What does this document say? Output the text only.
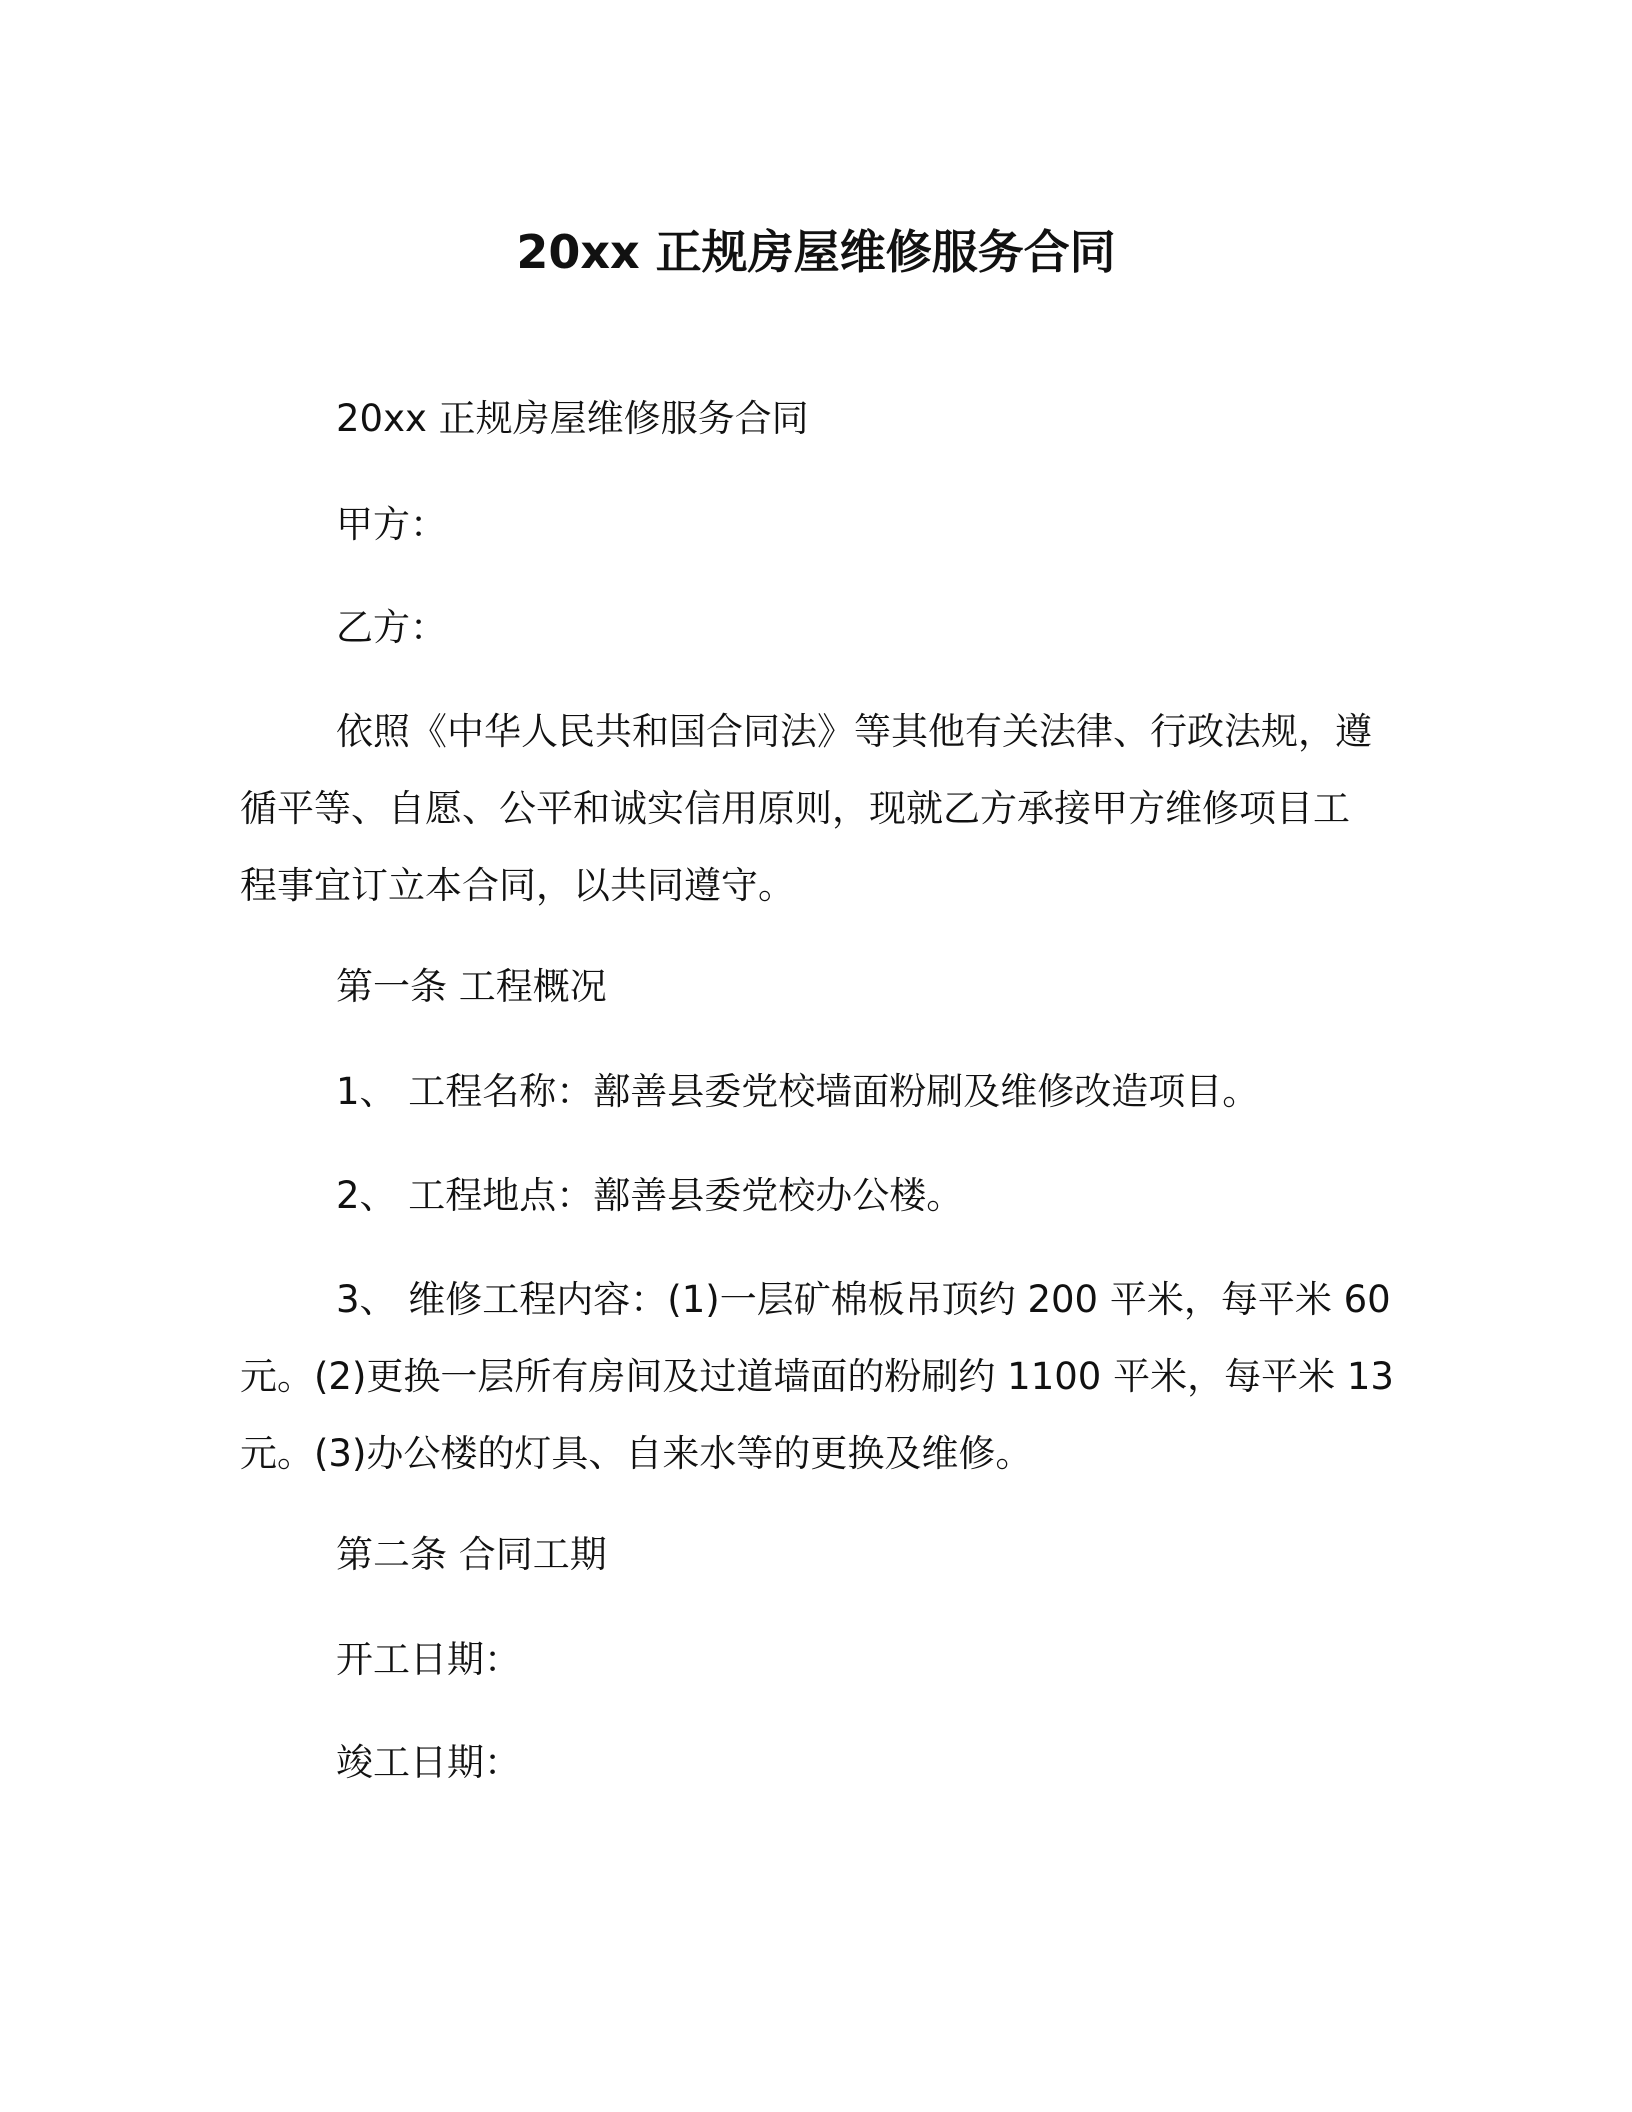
20xx 正规房屋维修服务合同

20xx 正规房屋维修服务合同

甲方：

乙方：

依照《中华人民共和国合同法》等其他有关法律、行政法规，遵

循平等、自愿、公平和诚实信用原则，现就乙方承接甲方维修项目工

程事宜订立本合同，以共同遵守。

第一条 工程概况

1、 工程名称：鄯善县委党校墙面粉刷及维修改造项目。

2、 工程地点：鄯善县委党校办公楼。

3、 维修工程内容：(1)一层矿棉板吊顶约 200 平米，每平米 60

元。(2)更换一层所有房间及过道墙面的粉刷约 1100 平米，每平米 13

元。(3)办公楼的灯具、自来水等的更换及维修。

第二条 合同工期

开工日期：

竣工日期：
